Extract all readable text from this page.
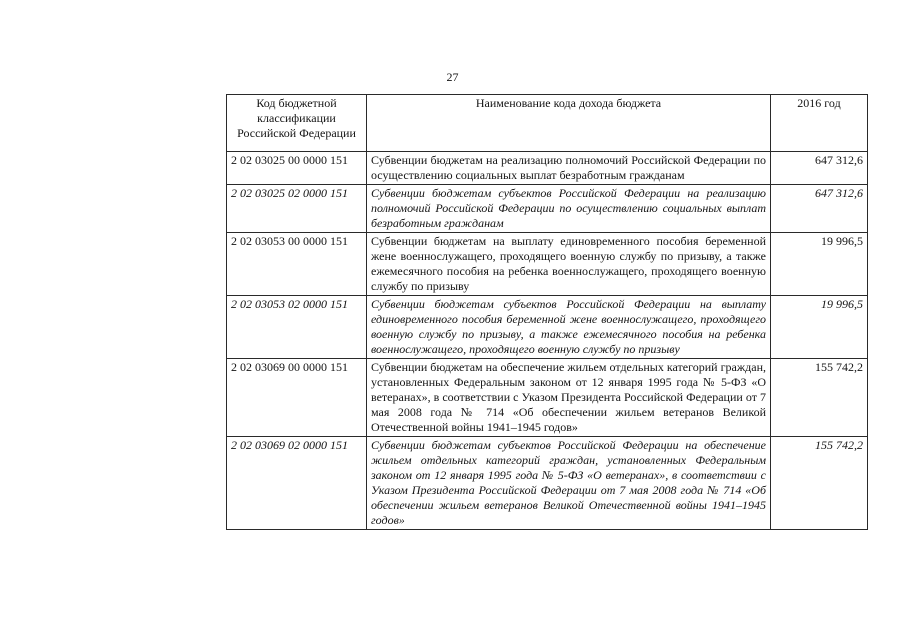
27
Код бюджетной классификации Российской Федерации	Наименование кода дохода бюджета	2016 год
2 02 03025 00 0000 151	Субвенции бюджетам на реализацию полномочий Российской Федерации по осуществлению социальных выплат безработным гражданам	647 312,6
2 02 03025 02 0000 151	Субвенции бюджетам субъектов Российской Федерации на реализацию полномочий Российской Федерации по осуществлению социальных выплат безработным гражданам	647 312,6
2 02 03053 00 0000 151	Субвенции бюджетам на выплату единовременного пособия беременной жене военнослужащего, проходящего военную службу по призыву, а также ежемесячного пособия на ребенка военнослужащего, проходящего военную службу по призыву	19 996,5
2 02 03053 02 0000 151	Субвенции бюджетам субъектов Российской Федерации на выплату единовременного пособия беременной жене военнослужащего, проходящего военную службу по призыву, а также ежемесячного пособия на ребенка военнослужащего, проходящего военную службу по призыву	19 996,5
2 02 03069 00 0000 151	Субвенции бюджетам на обеспечение жильем отдельных категорий граждан, установленных Федеральным законом от 12 января 1995 года № 5-ФЗ «О ветеранах», в соответствии с Указом Президента Российской Федерации от 7 мая 2008 года № 714 «Об обеспечении жильем ветеранов Великой Отечественной войны 1941–1945 годов»	155 742,2
2 02 03069 02 0000 151	Субвенции бюджетам субъектов Российской Федерации на обеспечение жильем отдельных категорий граждан, установленных Федеральным законом от 12 января 1995 года № 5-ФЗ «О ветеранах», в соответствии с Указом Президента Российской Федерации от 7 мая 2008 года № 714 «Об обеспечении жильем ветеранов Великой Отечественной войны 1941–1945 годов»	155 742,2
